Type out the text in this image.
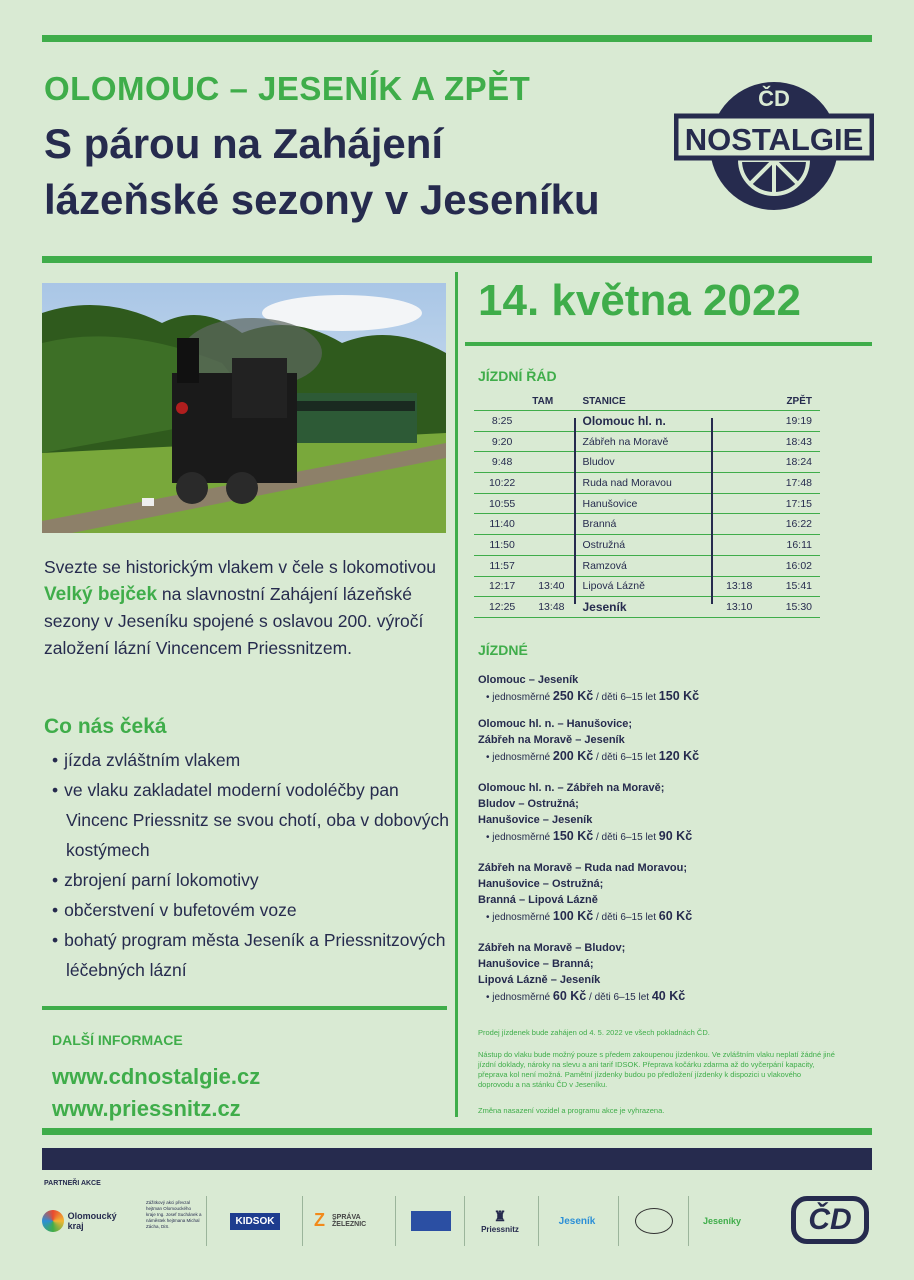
OLOMOUC – JESENÍK A ZPĚT
S párou na Zahájení
lázeňské sezony v Jeseníku
ČD
NOSTALGIE
14. května 2022
JÍZDNÍ ŘÁD
	TAM	STANICE		ZPĚT
8:25		Olomouc hl. n.		19:19
9:20		Zábřeh na Moravě		18:43
9:48		Bludov		18:24
10:22		Ruda nad Moravou		17:48
10:55		Hanušovice		17:15
11:40		Branná		16:22
11:50		Ostružná		16:11
11:57		Ramzová		16:02
12:17	13:40	Lipová Lázně	13:18	15:41
12:25	13:48	Jeseník	13:10	15:30
Svezte se historickým vlakem v čele s lokomotivou Velký bejček na slavnostní Zahájení lázeňské sezony v Jeseníku spojené s oslavou 200. výročí založení lázní Vincencem Priessnitzem.
Co nás čeká
• jízda zvláštním vlakem
• ve vlaku zakladatel moderní vodoléčby pan Vincenc Priessnitz se svou chotí, oba v dobových kostýmech
• zbrojení parní lokomotivy
• občerstvení v bufetovém voze
• bohatý program města Jeseník a Priessnitzových léčebných lázní
JÍZDNÉ
Olomouc – Jeseník
• jednosměrné 250 Kč / děti 6–15 let 150 Kč
Olomouc hl. n. – Hanušovice;
Zábřeh na Moravě – Jeseník
• jednosměrné 200 Kč / děti 6–15 let 120 Kč
Olomouc hl. n. – Zábřeh na Moravě;
Bludov – Ostružná;
Hanušovice – Jeseník
• jednosměrné 150 Kč / děti 6–15 let 90 Kč
Zábřeh na Moravě – Ruda nad Moravou;
Hanušovice – Ostružná;
Branná – Lipová Lázně
• jednosměrné 100 Kč / děti 6–15 let 60 Kč
Zábřeh na Moravě – Bludov;
Hanušovice – Branná;
Lipová Lázně – Jeseník
• jednosměrné 60 Kč / děti 6–15 let 40 Kč
Prodej jízdenek bude zahájen od 4. 5. 2022 ve všech pokladnách ČD.
Nástup do vlaku bude možný pouze s předem zakoupenou jízdenkou. Ve zvláštním vlaku neplatí žádné jiné jízdní doklady, nároky na slevu a ani tarif IDSOK. Přeprava kočárku zdarma až do vyčerpání kapacity, přeprava kol není možná. Pamětní jízdenky budou po předložení jízdenky k dispozici u vlakového doprovodu a na stánku ČD v Jeseníku.
Změna nasazení vozidel a programu akce je vyhrazena.
DALŠÍ INFORMACE
www.cdnostalgie.cz
www.priessnitz.cz
PARTNEŘI AKCE
Olomoucký kraj
Zážitkový akci převzal hejtman Olomouckého kraje Ing. Josef Suchánek a náměstek hejtmana Michal Zácha, DiS.	KIDSOK	Z	SPRÁVA
ŽELEZNIC
♜
Priessnitz
Jeseník	Jeseníky	ČD
